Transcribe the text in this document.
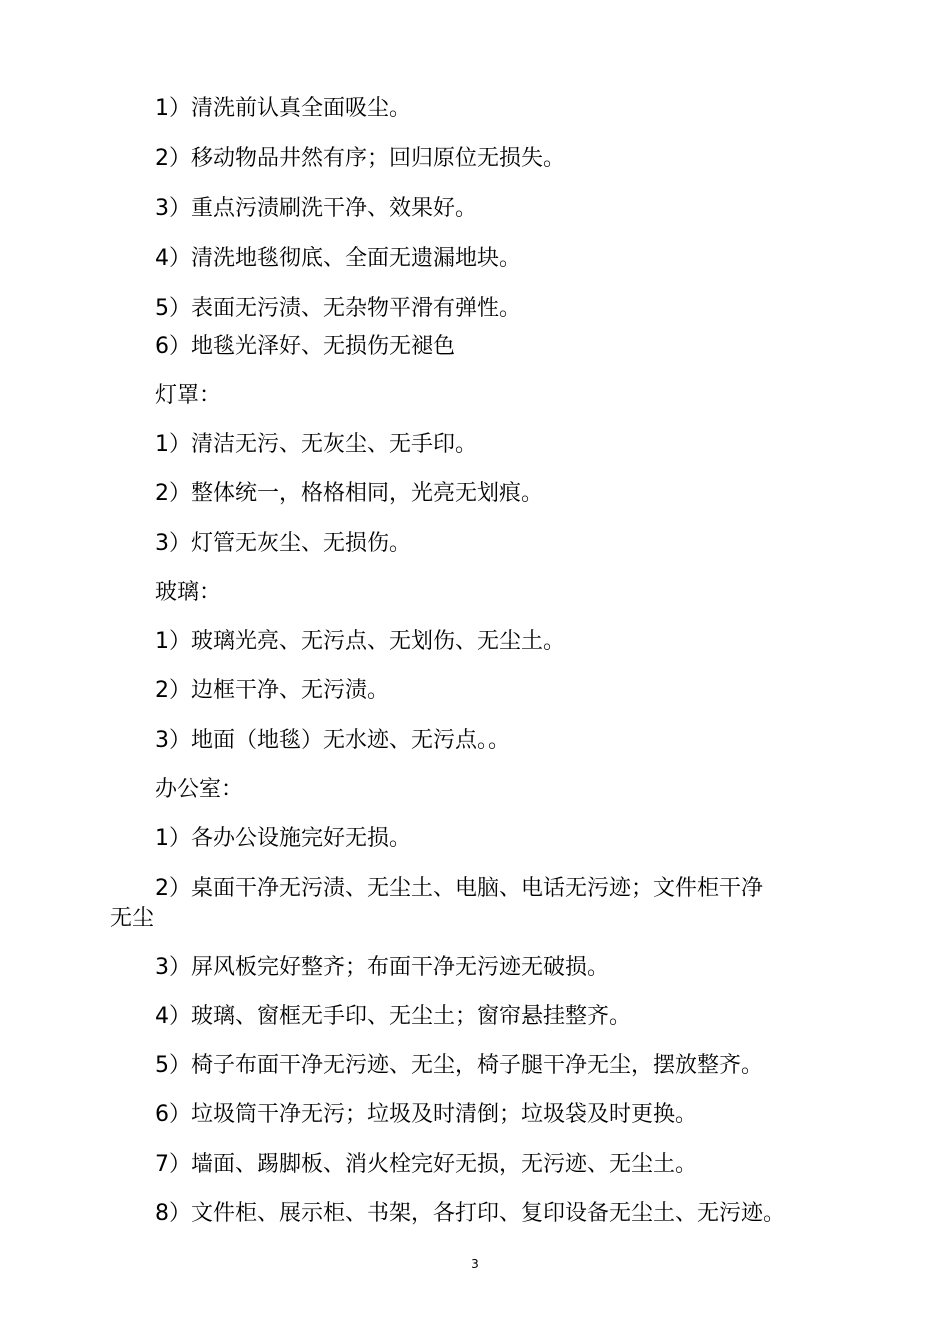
1）清洗前认真全面吸尘。
2）移动物品井然有序；回归原位无损失。
3）重点污渍刷洗干净、效果好。
4）清洗地毯彻底、全面无遗漏地块。
5）表面无污渍、无杂物平滑有弹性。
6）地毯光泽好、无损伤无褪色
灯罩：
1）清洁无污、无灰尘、无手印。
2）整体统一，格格相同，光亮无划痕。
3）灯管无灰尘、无损伤。
玻璃：
1）玻璃光亮、无污点、无划伤、无尘土。
2）边框干净、无污渍。
3）地面（地毯）无水迹、无污点。。
办公室：
1）各办公设施完好无损。
2）桌面干净无污渍、无尘土、电脑、电话无污迹；文件柜干净
无尘
3）屏风板完好整齐；布面干净无污迹无破损。
4）玻璃、窗框无手印、无尘土；窗帘悬挂整齐。
5）椅子布面干净无污迹、无尘，椅子腿干净无尘，摆放整齐。
6）垃圾筒干净无污；垃圾及时清倒；垃圾袋及时更换。
7）墙面、踢脚板、消火栓完好无损，无污迹、无尘土。
8）文件柜、展示柜、书架，各打印、复印设备无尘土、无污迹。
3
